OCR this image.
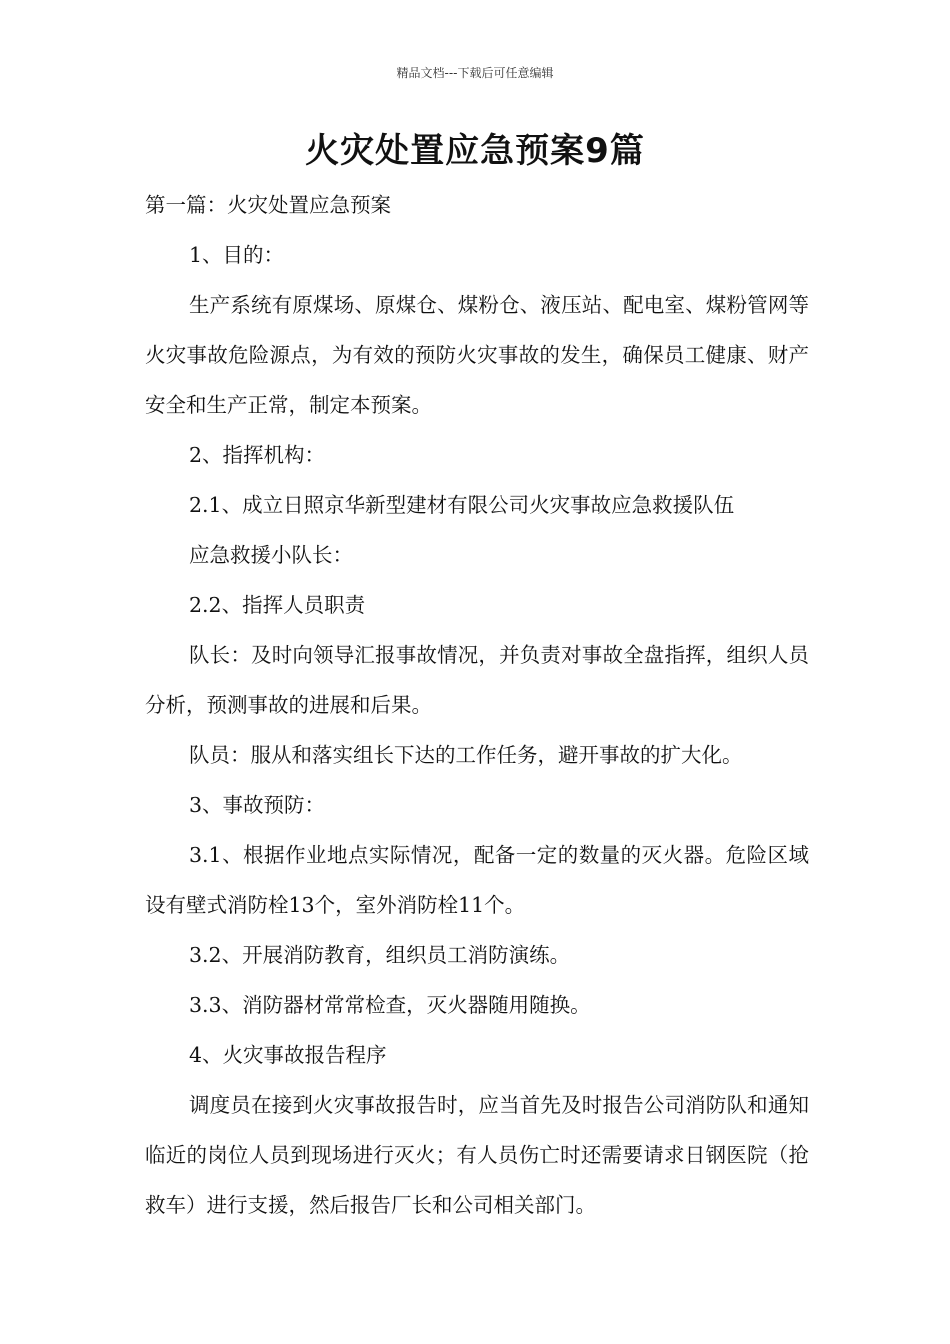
精品文档---下载后可任意编辑
火灾处置应急预案9篇

第一篇：火灾处置应急预案

1、目的：

生产系统有原煤场、原煤仓、煤粉仓、液压站、配电室、煤粉管网等火灾事故危险源点，为有效的预防火灾事故的发生，确保员工健康、财产安全和生产正常，制定本预案。

2、指挥机构：

2.1、成立日照京华新型建材有限公司火灾事故应急救援队伍

应急救援小队长：

2.2、指挥人员职责

队长：及时向领导汇报事故情况，并负责对事故全盘指挥，组织人员分析，预测事故的进展和后果。

队员：服从和落实组长下达的工作任务，避开事故的扩大化。

3、事故预防：

3.1、根据作业地点实际情况，配备一定的数量的灭火器。危险区域设有壁式消防栓13个，室外消防栓11个。

3.2、开展消防教育，组织员工消防演练。

3.3、消防器材常常检查，灭火器随用随换。

4、火灾事故报告程序

调度员在接到火灾事故报告时，应当首先及时报告公司消防队和通知临近的岗位人员到现场进行灭火；有人员伤亡时还需要请求日钢医院（抢救车）进行支援，然后报告厂长和公司相关部门。
